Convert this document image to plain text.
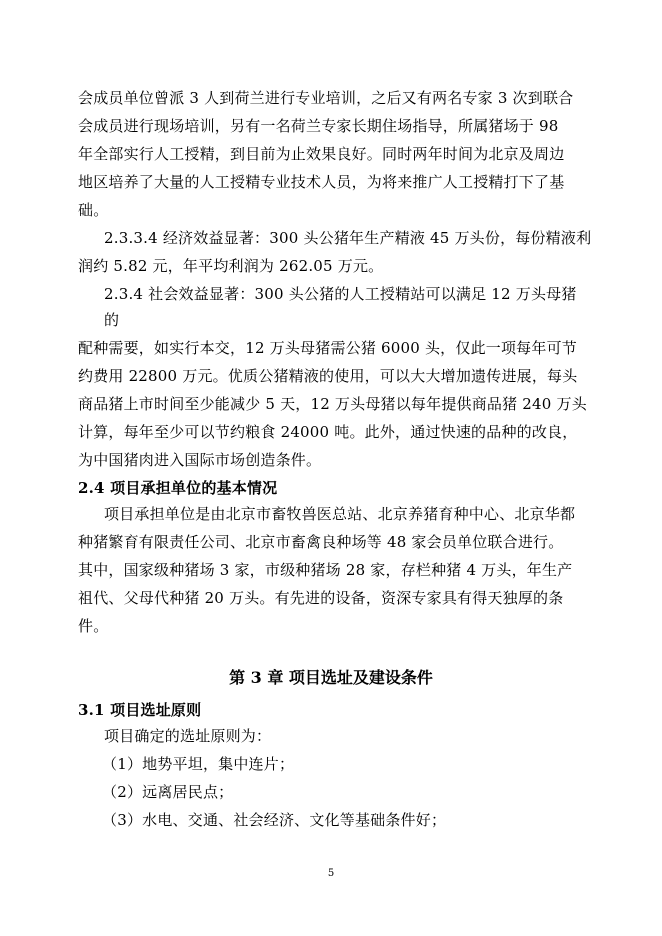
会成员单位曾派 3 人到荷兰进行专业培训，之后又有两名专家 3 次到联合
会成员进行现场培训，另有一名荷兰专家长期住场指导，所属猪场于 98
年全部实行人工授精，到目前为止效果良好。同时两年时间为北京及周边
地区培养了大量的人工授精专业技术人员，为将来推广人工授精打下了基
础。
2.3.3.4 经济效益显著：300 头公猪年生产精液 45 万头份，每份精液利
润约 5.82 元，年平均利润为 262.05 万元。
2.3.4 社会效益显著：300 头公猪的人工授精站可以满足 12 万头母猪
的
配种需要，如实行本交，12 万头母猪需公猪 6000 头，仅此一项每年可节
约费用 22800 万元。优质公猪精液的使用，可以大大增加遗传进展，每头
商品猪上市时间至少能减少 5 天，12 万头母猪以每年提供商品猪 240 万头
计算，每年至少可以节约粮食 24000 吨。此外，通过快速的品种的改良，
为中国猪肉进入国际市场创造条件。
2.4 项目承担单位的基本情况
项目承担单位是由北京市畜牧兽医总站、北京养猪育种中心、北京华都
种猪繁育有限责任公司、北京市畜禽良种场等 48 家会员单位联合进行。
其中，国家级种猪场 3 家，市级种猪场 28 家，存栏种猪 4 万头，年生产
祖代、父母代种猪 20 万头。有先进的设备，资深专家具有得天独厚的条
件。
第 3 章 项目选址及建设条件
3.1 项目选址原则
项目确定的选址原则为：
（1）地势平坦，集中连片；
（2）远离居民点；
（3）水电、交通、社会经济、文化等基础条件好；
5
